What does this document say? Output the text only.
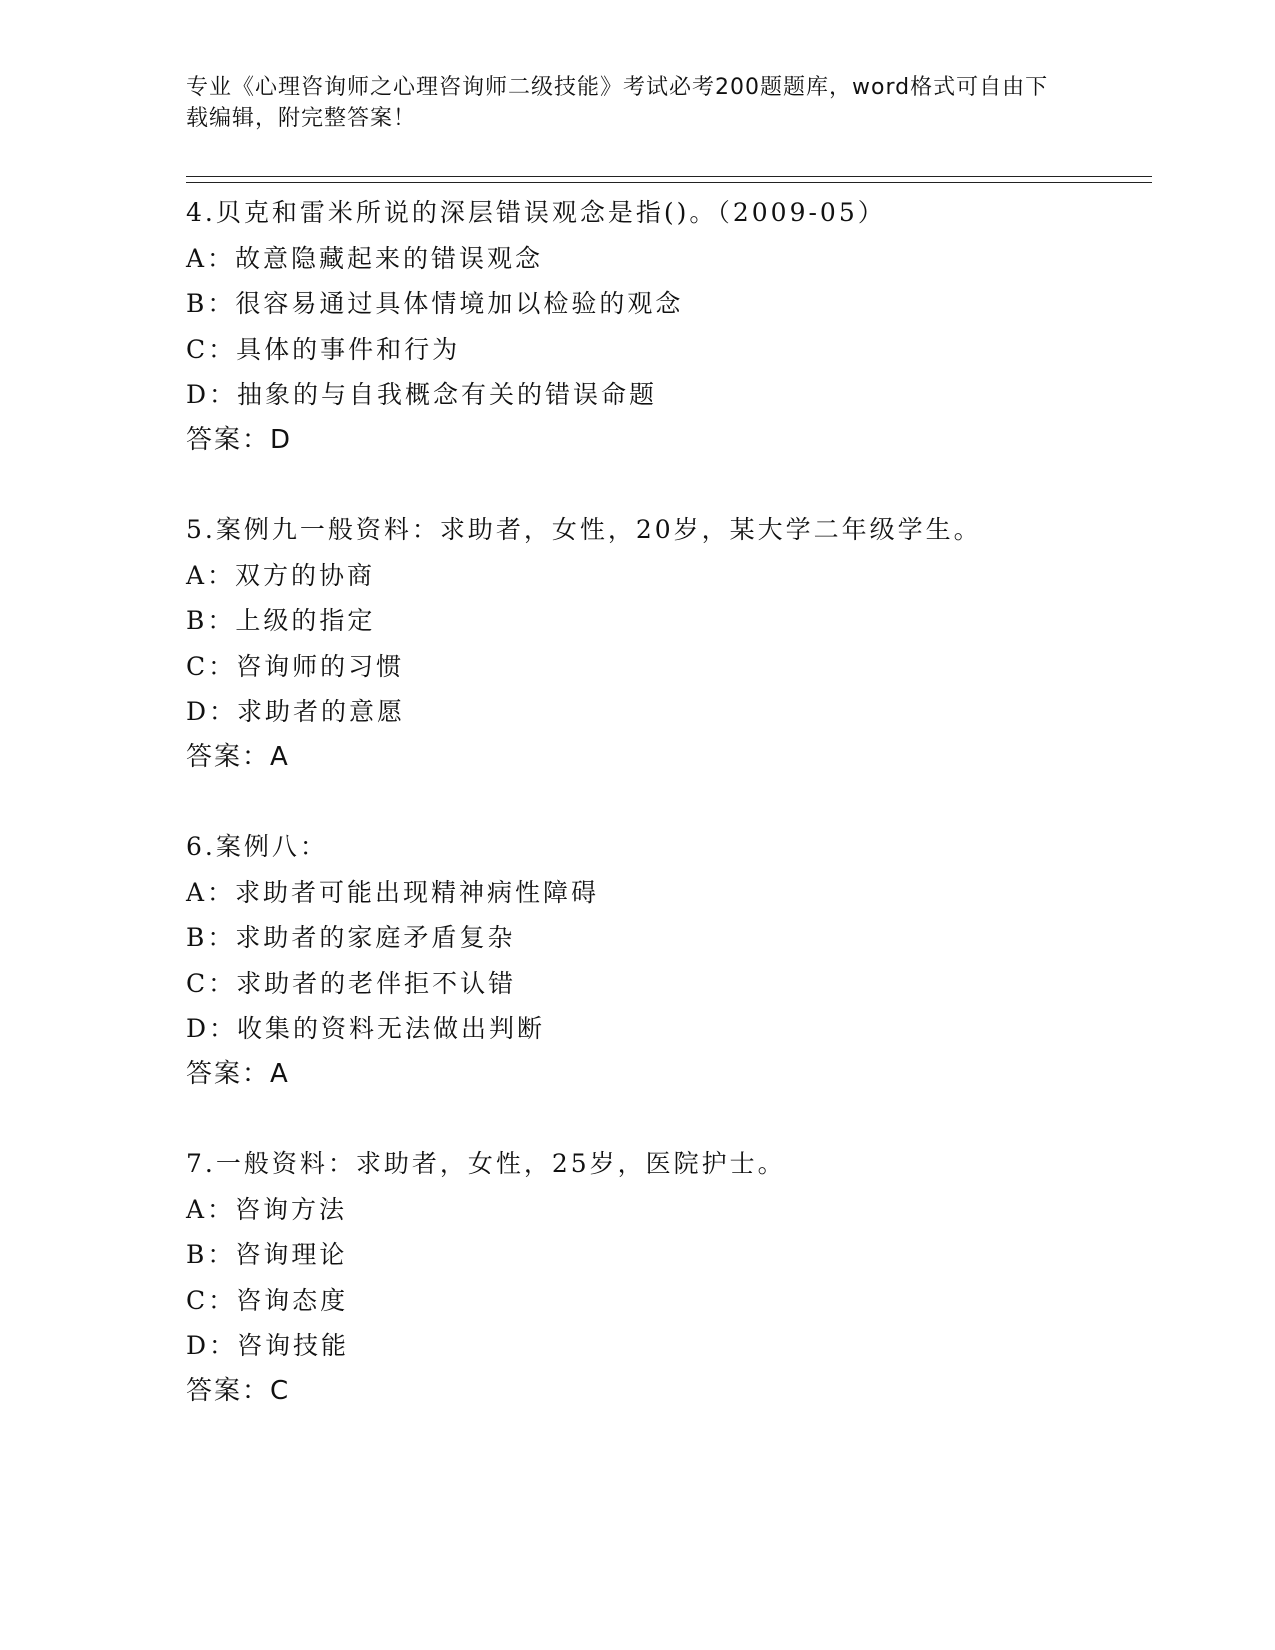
专业《心理咨询师之心理咨询师二级技能》考试必考200题题库，word格式可自由下载编辑，附完整答案！
4.贝克和雷米所说的深层错误观念是指()。（2009-05）
A：故意隐藏起来的错误观念
B：很容易通过具体情境加以检验的观念
C：具体的事件和行为
D：抽象的与自我概念有关的错误命题
答案：D
5.案例九一般资料：求助者，女性，20岁，某大学二年级学生。
A：双方的协商
B：上级的指定
C：咨询师的习惯
D：求助者的意愿
答案：A
6.案例八：
A：求助者可能出现精神病性障碍
B：求助者的家庭矛盾复杂
C：求助者的老伴拒不认错
D：收集的资料无法做出判断
答案：A
7.一般资料：求助者，女性，25岁，医院护士。
A：咨询方法
B：咨询理论
C：咨询态度
D：咨询技能
答案：C
